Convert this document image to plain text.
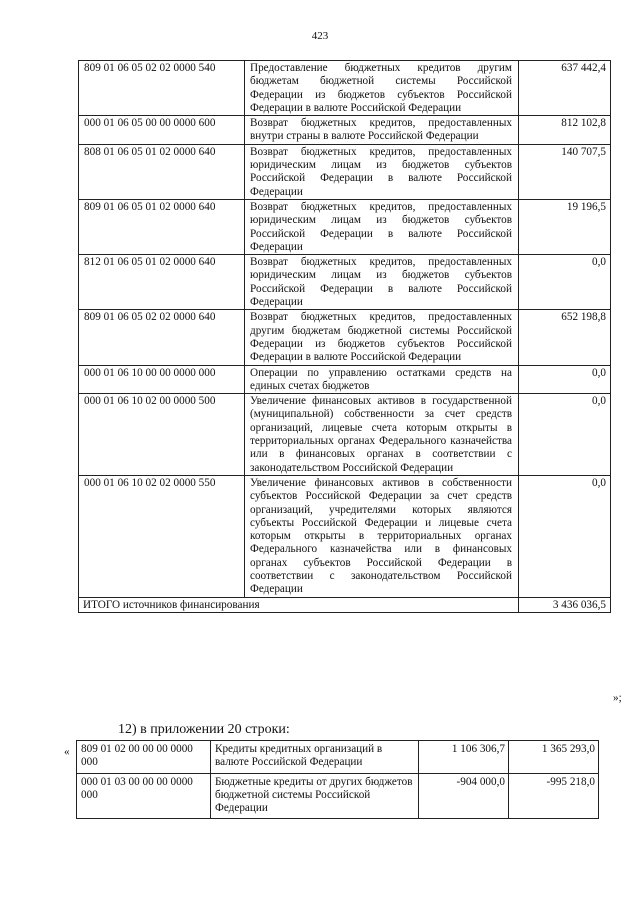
423
809 01 06 05 02 02 0000 540	Предоставление бюджетных кредитов другим бюджетам бюджетной системы Российской Федерации из бюджетов субъектов Российской Федерации в валюте Российской Федерации	637 442,4
000 01 06 05 00 00 0000 600	Возврат бюджетных кредитов, предоставленных внутри страны в валюте Российской Федерации	812 102,8
808 01 06 05 01 02 0000 640	Возврат бюджетных кредитов, предоставленных юридическим лицам из бюджетов субъектов Российской Федерации в валюте Российской Федерации	140 707,5
809 01 06 05 01 02 0000 640	Возврат бюджетных кредитов, предоставленных юридическим лицам из бюджетов субъектов Российской Федерации в валюте Российской Федерации	19 196,5
812 01 06 05 01 02 0000 640	Возврат бюджетных кредитов, предоставленных юридическим лицам из бюджетов субъектов Российской Федерации в валюте Российской Федерации	0,0
809 01 06 05 02 02 0000 640	Возврат бюджетных кредитов, предоставленных другим бюджетам бюджетной системы Российской Федерации из бюджетов субъектов Российской Федерации в валюте Российской Федерации	652 198,8
000 01 06 10 00 00 0000 000	Операции по управлению остатками средств на единых счетах бюджетов	0,0
000 01 06 10 02 00 0000 500	Увеличение финансовых активов в государственной (муниципальной) собственности за счет средств организаций, лицевые счета которым открыты в территориальных органах Федерального казначейства или в финансовых органах в соответствии с законодательством Российской Федерации	0,0
000 01 06 10 02 02 0000 550	Увеличение финансовых активов в собственности субъектов Российской Федерации за счет средств организаций, учредителями которых являются субъекты Российской Федерации и лицевые счета которым открыты в территориальных органах Федерального казначейства или в финансовых органах субъектов Российской Федерации в соответствии с законодательством Российской Федерации	0,0
ИТОГО источников финансирования		3 436 036,5
»;
12) в приложении 20 строки:
« 809 01 02 00 00 00 0000 000	Кредиты кредитных организаций в валюте Российской Федерации	1 106 306,7	1 365 293,0
000 01 03 00 00 00 0000 000	Бюджетные кредиты от других бюджетов бюджетной системы Российской Федерации	-904 000,0	-995 218,0
